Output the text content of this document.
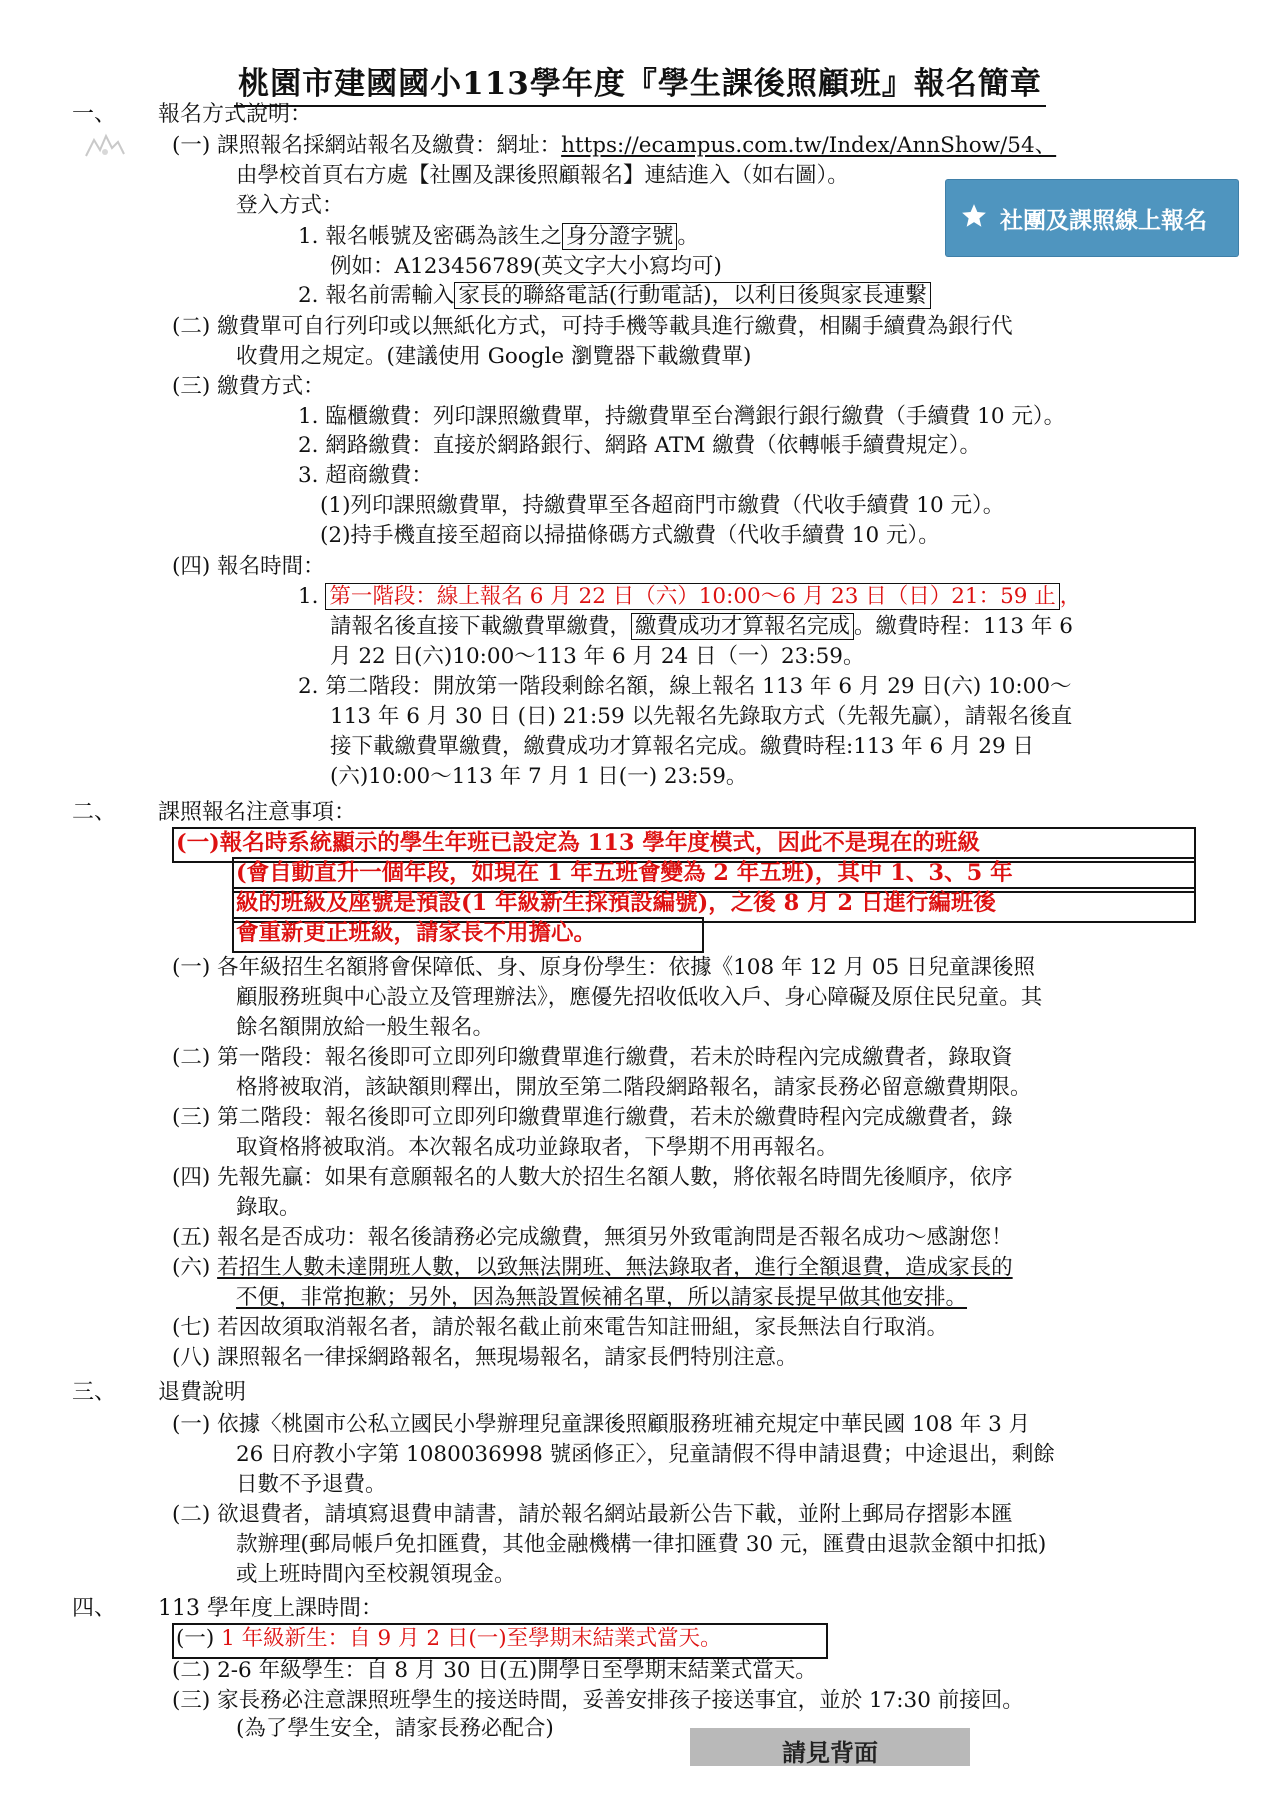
桃園市建國國小113學年度『學生課後照顧班』報名簡章
社團及課照線上報名
一、 報名方式說明：
(一) 課照報名採網站報名及繳費：網址：https://ecampus.com.tw/Index/AnnShow/54、
由學校首頁右方處【社團及課後照顧報名】連結進入（如右圖）。
登入方式：
1. 報名帳號及密碼為該生之 身分證字號 。
例如：A123456789(英文字大小寫均可)
2. 報名前需輸入 家長的聯絡電話(行動電話)，以利日後與家長連繫
(二) 繳費單可自行列印或以無紙化方式，可持手機等載具進行繳費，相關手續費為銀行代
收費用之規定。(建議使用 Google 瀏覽器下載繳費單)
(三) 繳費方式：
1. 臨櫃繳費：列印課照繳費單，持繳費單至台灣銀行銀行繳費（手續費 10 元）。
2. 網路繳費：直接於網路銀行、網路 ATM 繳費（依轉帳手續費規定）。
3. 超商繳費：
(1)列印課照繳費單，持繳費單至各超商門市繳費（代收手續費 10 元）。
(2)持手機直接至超商以掃描條碼方式繳費（代收手續費 10 元）。
(四) 報名時間：
1. 第一階段：線上報名 6 月 22 日（六）10:00～6 月 23 日（日）21：59 止 ，
請報名後直接下載繳費單繳費， 繳費成功才算報名完成 。繳費時程：113 年 6
月 22 日(六)10:00～113 年 6 月 24 日（一）23:59。
2. 第二階段：開放第一階段剩餘名額，線上報名 113 年 6 月 29 日(六) 10:00～
113 年 6 月 30 日 (日) 21:59 以先報名先錄取方式（先報先贏），請報名後直
接下載繳費單繳費，繳費成功才算報名完成。繳費時程:113 年 6 月 29 日
(六)10:00～113 年 7 月 1 日(一) 23:59。
二、 課照報名注意事項：
(一)報名時系統顯示的學生年班已設定為 113 學年度模式，因此不是現在的班級
(會自動直升一個年段，如現在 1 年五班會變為 2 年五班)，其中 1、3、5 年
級的班級及座號是預設(1 年級新生採預設編號)，之後 8 月 2 日進行編班後
會重新更正班級，請家長不用擔心。
(一) 各年級招生名額將會保障低、身、原身份學生：依據《108 年 12 月 05 日兒童課後照
顧服務班與中心設立及管理辦法》，應優先招收低收入戶、身心障礙及原住民兒童。其
餘名額開放給一般生報名。
(二) 第一階段：報名後即可立即列印繳費單進行繳費，若未於時程內完成繳費者，錄取資
格將被取消，該缺額則釋出，開放至第二階段網路報名，請家長務必留意繳費期限。
(三) 第二階段：報名後即可立即列印繳費單進行繳費，若未於繳費時程內完成繳費者，錄
取資格將被取消。本次報名成功並錄取者，下學期不用再報名。
(四) 先報先贏：如果有意願報名的人數大於招生名額人數，將依報名時間先後順序，依序
錄取。
(五) 報名是否成功：報名後請務必完成繳費，無須另外致電詢問是否報名成功～感謝您！
(六) 若招生人數未達開班人數，以致無法開班、無法錄取者，進行全額退費，造成家長的
不便，非常抱歉；另外，因為無設置候補名單，所以請家長提早做其他安排。
(七) 若因故須取消報名者，請於報名截止前來電告知註冊組，家長無法自行取消。
(八) 課照報名一律採網路報名，無現場報名，請家長們特別注意。
三、 退費說明
(一) 依據〈桃園市公私立國民小學辦理兒童課後照顧服務班補充規定中華民國 108 年 3 月
26 日府教小字第 1080036998 號函修正〉，兒童請假不得申請退費；中途退出，剩餘
日數不予退費。
(二) 欲退費者，請填寫退費申請書，請於報名網站最新公告下載，並附上郵局存摺影本匯
款辦理(郵局帳戶免扣匯費，其他金融機構一律扣匯費 30 元，匯費由退款金額中扣抵)
或上班時間內至校親領現金。
四、 113 學年度上課時間：
(一) 1 年級新生：自 9 月 2 日(一)至學期末結業式當天。
(二) 2-6 年級學生：自 8 月 30 日(五)開學日至學期末結業式當天。
(三) 家長務必注意課照班學生的接送時間，妥善安排孩子接送事宜，並於 17:30 前接回。
(為了學生安全，請家長務必配合)
請見背面
